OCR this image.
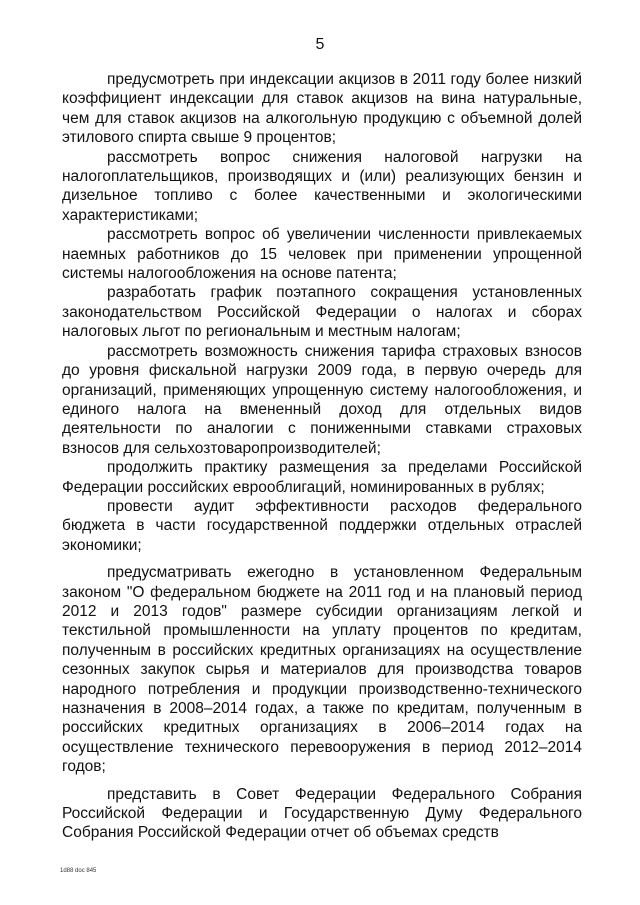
5

предусмотреть при индексации акцизов в 2011 году более низкий коэффициент индексации для ставок акцизов на вина натуральные, чем для ставок акцизов на алкогольную продукцию с объемной долей этилового спирта свыше 9 процентов;

рассмотреть вопрос снижения налоговой нагрузки на налогоплательщиков, производящих и (или) реализующих бензин и дизельное топливо с более качественными и экологическими характеристиками;

рассмотреть вопрос об увеличении численности привлекаемых наемных работников до 15 человек при применении упрощенной системы налогообложения на основе патента;

разработать график поэтапного сокращения установленных законодательством Российской Федерации о налогах и сборах налоговых льгот по региональным и местным налогам;

рассмотреть возможность снижения тарифа страховых взносов до уровня фискальной нагрузки 2009 года, в первую очередь для организаций, применяющих упрощенную систему налогообложения, и единого налога на вмененный доход для отдельных видов деятельности по аналогии с пониженными ставками страховых взносов для сельхозтоваропроизводителей;

продолжить практику размещения за пределами Российской Федерации российских еврооблигаций, номинированных в рублях;

провести аудит эффективности расходов федерального бюджета в части государственной поддержки отдельных отраслей экономики;

предусматривать ежегодно в установленном Федеральным законом "О федеральном бюджете на 2011 год и на плановый период 2012 и 2013 годов" размере субсидии организациям легкой и текстильной промышленности на уплату процентов по кредитам, полученным в российских кредитных организациях на осуществление сезонных закупок сырья и материалов для производства товаров народного потребления и продукции производственно-технического назначения в 2008–2014 годах, а также по кредитам, полученным в российских кредитных организациях в 2006–2014 годах на осуществление технического перевооружения в период 2012–2014 годов;

представить в Совет Федерации Федерального Собрания Российской Федерации и Государственную Думу Федерального Собрания Российской Федерации отчет об объемах средств

1d88 doc 845
